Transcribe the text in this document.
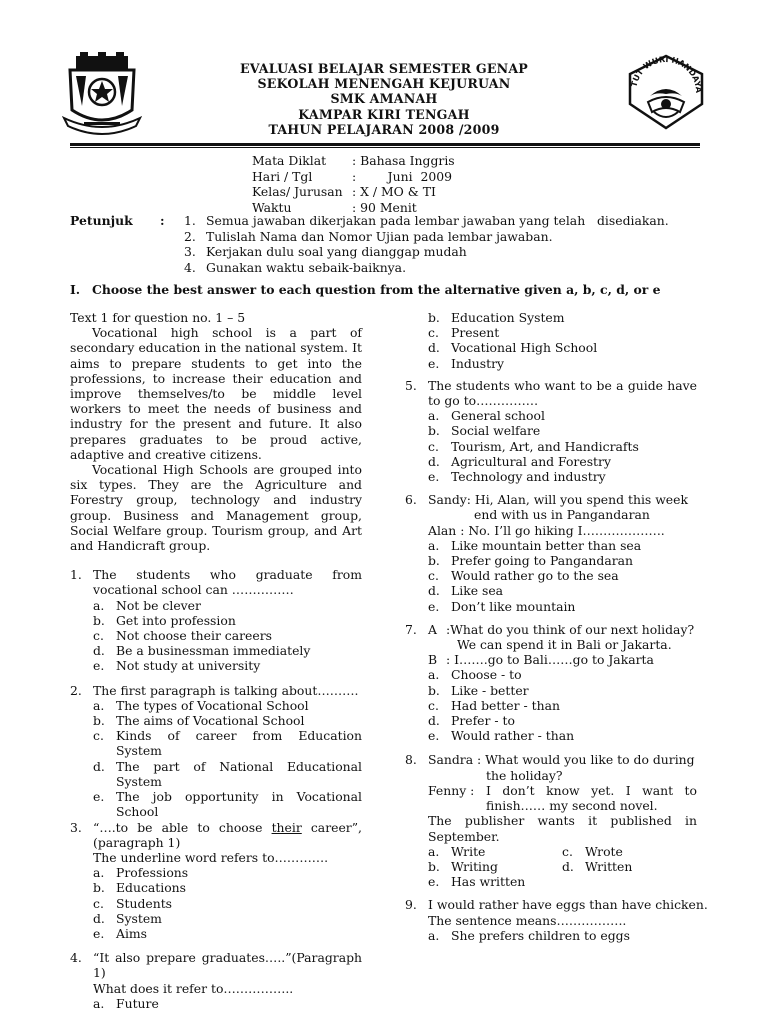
EVALUASI BELAJAR SEMESTER GENAP
SEKOLAH MENENGAH KEJURUAN
SMK AMANAH
KAMPAR KIRI TENGAH
TAHUN PELAJARAN 2008 /2009
TUT WURI HANDAYA
Mata Diklat	: Bahasa Inggris
Hari / Tgl	:        Juni  2009
Kelas/ Jurusan : X / MO & TI
Waktu	: 90 Menit
Petunjuk : 1. Semua jawaban dikerjakan pada lembar jawaban yang telah   disediakan.
2. Tulislah Nama dan Nomor Ujian pada lembar jawaban.
3. Kerjakan dulu soal yang dianggap mudah
4. Gunakan waktu sebaik-baiknya.
I. Choose the best answer to each question from the alternative given a, b, c, d, or e

Text 1 for question no. 1 – 5

Vocational high school is a part of secondary education in the national system. It aims to prepare students to get into the professions, to increase their education and improve themselves/to be middle level workers to meet the needs of business and industry for the present and future. It also prepares graduates to be proud active, adaptive and creative citizens.

Vocational High Schools are grouped into six types. They are the Agriculture and Forestry group, technology and industry group. Business and Management group, Social Welfare group. Tourism group, and Art and Handicraft group.

1. The students who graduate from vocational school can ……………
a. Not be clever
b. Get into profession
c. Not choose their careers
d. Be a businessman immediately
e. Not study at university
2. The first paragraph is talking about……….
a. The types of Vocational School
b. The aims of Vocational School
c. Kinds of career from Education System
d. The part of National Educational System
e. The job opportunity in Vocational School
3. “….to be able to choose their career”, (paragraph 1)
The underline word refers to………….
a. Professions
b. Educations
c. Students
d. System
e. Aims
4. “It also prepare graduates…..”(Paragraph 1)
What does it refer to……………..
a. Future
b. Education System
c. Present
d. Vocational High School
e. Industry
5. The students who want to be a guide have to go to……………
a. General school
b. Social welfare
c. Tourism, Art, and Handicrafts
d. Agricultural and Forestry
e. Technology and industry
6. Sandy: Hi, Alan, will you spend this week
end with us in Pangandaran
Alan : No. I’ll go hiking I………………..
a. Like mountain better than sea
b. Prefer going to Pangandaran
c. Would rather go to the sea
d. Like sea
e. Don’t like mountain
7. A :What do you think of our next holiday?
We can spend it in Bali or Jakarta.
B : I…….go to Bali……go to Jakarta
a. Choose - to
b. Like - better
c. Had better - than
d. Prefer - to
e. Would rather - than
8. Sandra : What would you like to do during
the holiday?
Fenny : I don’t know yet. I want to
finish…… my second novel.
The publisher wants it published in September.
a. Write	c. Wrote
b. Writing	d. Written
e. Has written
9. I would rather have eggs than have chicken.
The sentence means……………..
a. She prefers children to eggs
